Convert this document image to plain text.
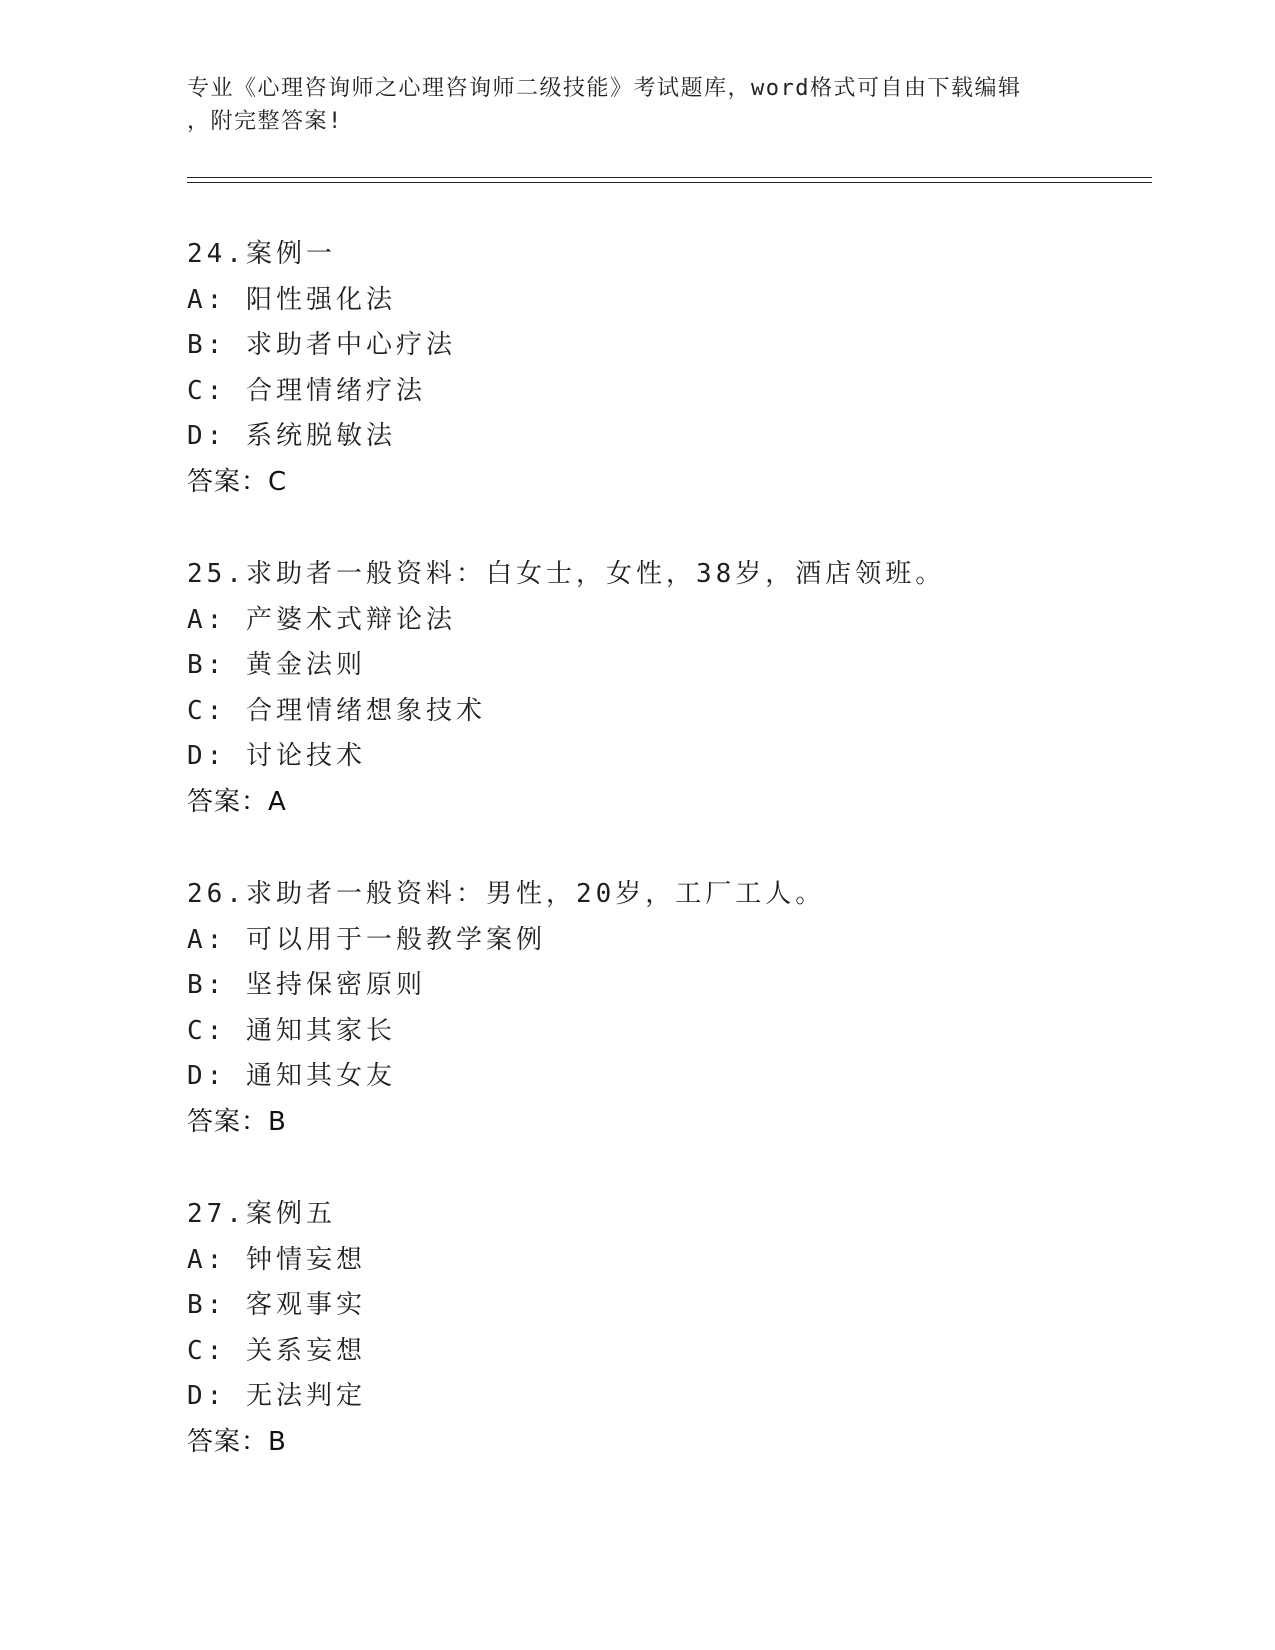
专业《心理咨询师之心理咨询师二级技能》考试题库，word格式可自由下载编辑
，附完整答案!
24.案例一
A: 阳性强化法
B: 求助者中心疗法
C: 合理情绪疗法
D: 系统脱敏法
答案：C
25.求助者一般资料：白女士，女性，38岁，酒店领班。
A: 产婆术式辩论法
B: 黄金法则
C: 合理情绪想象技术
D: 讨论技术
答案：A
26.求助者一般资料：男性，20岁，工厂工人。
A: 可以用于一般教学案例
B: 坚持保密原则
C: 通知其家长
D: 通知其女友
答案：B
27.案例五
A: 钟情妄想
B: 客观事实
C: 关系妄想
D: 无法判定
答案：B
